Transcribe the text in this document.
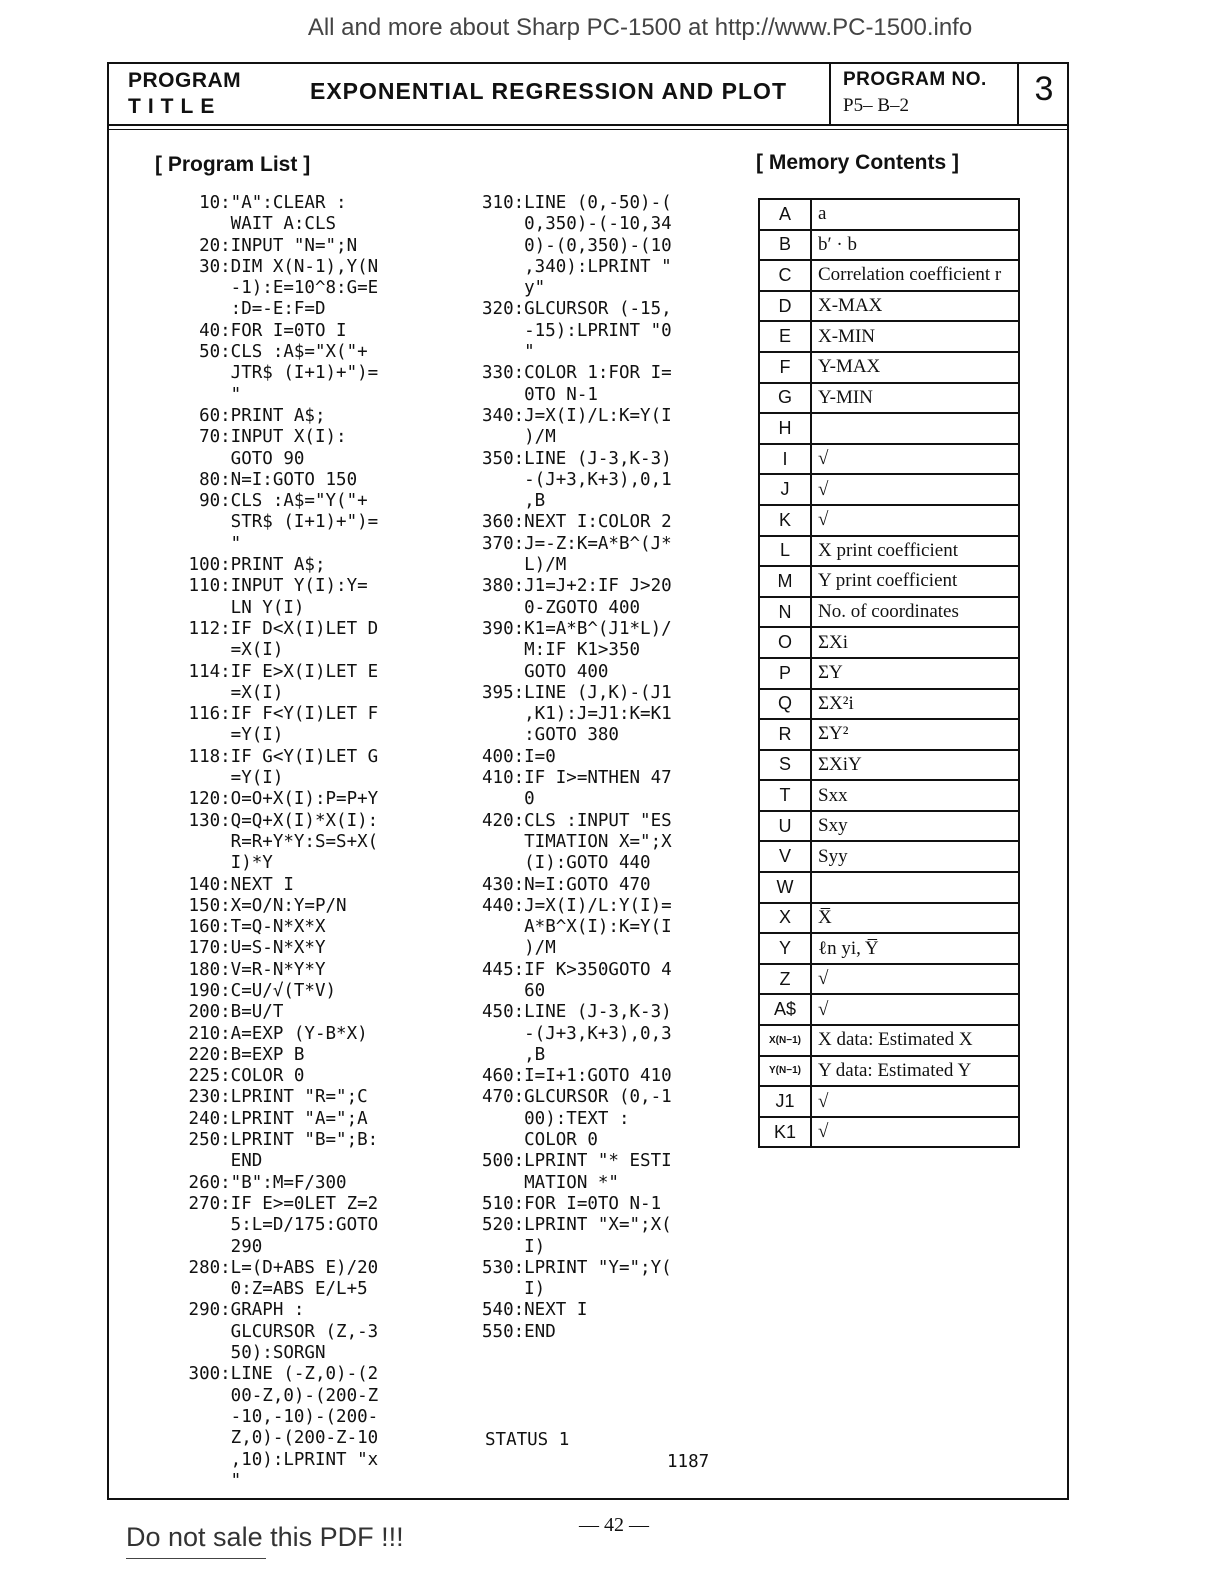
All and more about Sharp PC-1500 at http://www.PC-1500.info
PROGRAM
TITLE
EXPONENTIAL REGRESSION AND PLOT	PROGRAM NO.
P5– B–2	3
[ Program List ]
10:"A":CLEAR :
WAIT A:CLS
20:INPUT "N=";N
30:DIM X(N-1),Y(N
-1):E=10^8:G=E
:D=-E:F=D
40:FOR I=0TO I
50:CLS :A$="X("+
JTR$ (I+1)+")=
"
60:PRINT A$;
70:INPUT X(I):
GOTO 90
80:N=I:GOTO 150
90:CLS :A$="Y("+
STR$ (I+1)+")=
"
100:PRINT A$;
110:INPUT Y(I):Y=
LN Y(I)
112:IF D<X(I)LET D
=X(I)
114:IF E>X(I)LET E
=X(I)
116:IF F<Y(I)LET F
=Y(I)
118:IF G<Y(I)LET G
=Y(I)
120:O=O+X(I):P=P+Y
130:Q=Q+X(I)*X(I):
R=R+Y*Y:S=S+X(
I)*Y
140:NEXT I
150:X=O/N:Y=P/N
160:T=Q-N*X*X
170:U=S-N*X*Y
180:V=R-N*Y*Y
190:C=U/√(T*V)
200:B=U/T
210:A=EXP (Y-B*X)
220:B=EXP B
225:COLOR 0
230:LPRINT "R=";C
240:LPRINT "A=";A
250:LPRINT "B=";B:
END
260:"B":M=F/300
270:IF E>=0LET Z=2
5:L=D/175:GOTO
290
280:L=(D+ABS E)/20
0:Z=ABS E/L+5
290:GRAPH :
GLCURSOR (Z,-3
50):SORGN
300:LINE (-Z,0)-(2
00-Z,0)-(200-Z
-10,-10)-(200-
Z,0)-(200-Z-10
,10):LPRINT "x
"
310:LINE (0,-50)-(
0,350)-(-10,34
0)-(0,350)-(10
,340):LPRINT "
y"
320:GLCURSOR (-15,
-15):LPRINT "0
"
330:COLOR 1:FOR I=
0TO N-1
340:J=X(I)/L:K=Y(I
)/M
350:LINE (J-3,K-3)
-(J+3,K+3),0,1
,B
360:NEXT I:COLOR 2
370:J=-Z:K=A*B^(J*
L)/M
380:J1=J+2:IF J>20
0-ZGOTO 400
390:K1=A*B^(J1*L)/
M:IF K1>350
GOTO 400
395:LINE (J,K)-(J1
,K1):J=J1:K=K1
:GOTO 380
400:I=0
410:IF I>=NTHEN 47
0
420:CLS :INPUT "ES
TIMATION X=";X
(I):GOTO 440
430:N=I:GOTO 470
440:J=X(I)/L:Y(I)=
A*B^X(I):K=Y(I
)/M
445:IF K>350GOTO 4
60
450:LINE (J-3,K-3)
-(J+3,K+3),0,3
,B
460:I=I+1:GOTO 410
470:GLCURSOR (0,-1
00):TEXT :
COLOR 0
500:LPRINT "* ESTI
MATION *"
510:FOR I=0TO N-1
520:LPRINT "X=";X(
I)
530:LPRINT "Y=";Y(
I)
540:NEXT I
550:END
STATUS 1
1187
[ Memory Contents ]
A	a
B	b′ · b
C	Correlation coefficient r
D	X-MAX
E	X-MIN
F	Y-MAX
G	Y-MIN
H	
I	√
J	√
K	√
L	X print coefficient
M	Y print coefficient
N	No. of coordinates
O	ΣXi
P	ΣY
Q	ΣX²i
R	ΣY²
S	ΣXiY
T	Sxx
U	Sxy
V	Syy
W	
X	X̅
Y	ℓn yi, Y̅
Z	√
A$	√
X(N−1)	X data: Estimated X
Y(N−1)	Y data: Estimated Y
J1	√
K1	√
— 42 —
Do not sale this PDF !!!
